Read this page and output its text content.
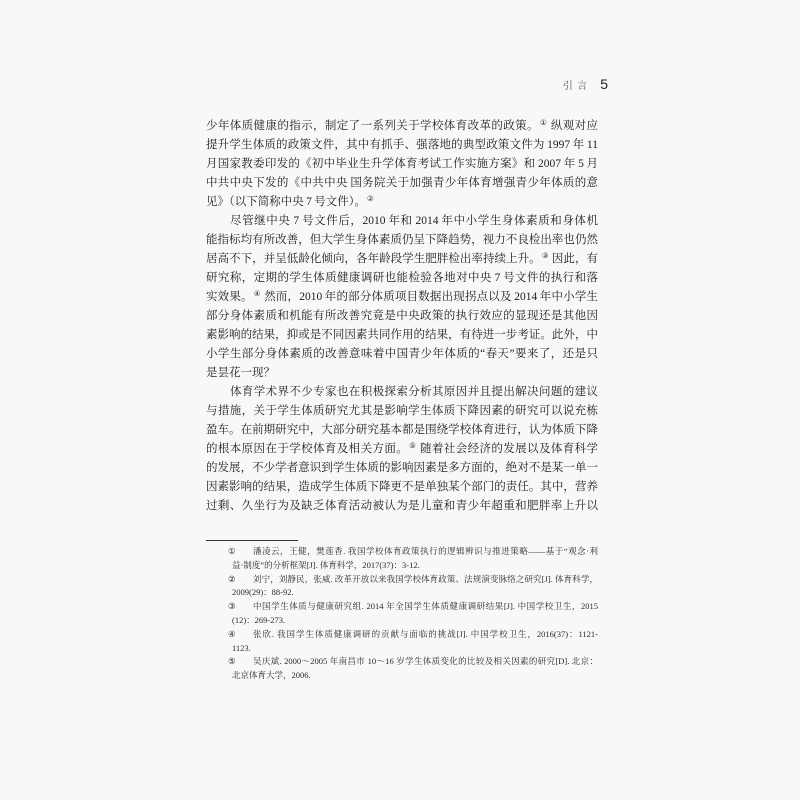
引 言 5
少年体质健康的指示，制定了一系列关于学校体育改革的政策。① 纵观对应
提升学生体质的政策文件，其中有抓手、强落地的典型政策文件为 1997 年 11
月国家教委印发的《初中毕业生升学体育考试工作实施方案》和 2007 年 5 月
中共中央下发的《中共中央 国务院关于加强青少年体育增强青少年体质的意
见》（以下简称中央 7 号文件）。②
尽管继中央 7 号文件后，2010 年和 2014 年中小学生身体素质和身体机
能指标均有所改善，但大学生身体素质仍呈下降趋势，视力不良检出率也仍然
居高不下，并呈低龄化倾向，各年龄段学生肥胖检出率持续上升。③ 因此，有
研究称，定期的学生体质健康调研也能检验各地对中央 7 号文件的执行和落
实效果。④ 然而，2010 年的部分体质项目数据出现拐点以及 2014 年中小学生
部分身体素质和机能有所改善究竟是中央政策的执行效应的显现还是其他因
素影响的结果，抑或是不同因素共同作用的结果，有待进一步考证。此外，中
小学生部分身体素质的改善意味着中国青少年体质的“春天”要来了，还是只
是昙花一现？
体育学术界不少专家也在积极探索分析其原因并且提出解决问题的建议
与措施，关于学生体质研究尤其是影响学生体质下降因素的研究可以说充栋
盈车。在前期研究中，大部分研究基本都是围绕学校体育进行，认为体质下降
的根本原因在于学校体育及相关方面。⑤ 随着社会经济的发展以及体育科学
的发展，不少学者意识到学生体质的影响因素是多方面的，绝对不是某一单一
因素影响的结果，造成学生体质下降更不是单独某个部门的责任。其中，营养
过剩、久坐行为及缺乏体育活动被认为是儿童和青少年超重和肥胖率上升以
①	潘凌云，王健，樊莲香. 我国学校体育政策执行的逻辑辨识与推进策略——基于“观念·利
益·制度”的分析框架[J]. 体育科学，2017(37)：3-12.
②	刘宁，刘静民，张威. 改革开放以来我国学校体育政策、法规演变脉络之研究[J]. 体育科学，
2009(29)：88-92.
③	中国学生体质与健康研究组. 2014 年全国学生体质健康调研结果[J]. 中国学校卫生，2015
(12)：269-273.
④	张欣. 我国学生体质健康调研的贡献与面临的挑战[J]. 中国学校卫生，2016(37)：1121-
1123.
⑤	吴庆斌. 2000～2005 年南昌市 10～16 岁学生体质变化的比较及相关因素的研究[D]. 北京：
北京体育大学，2006.
